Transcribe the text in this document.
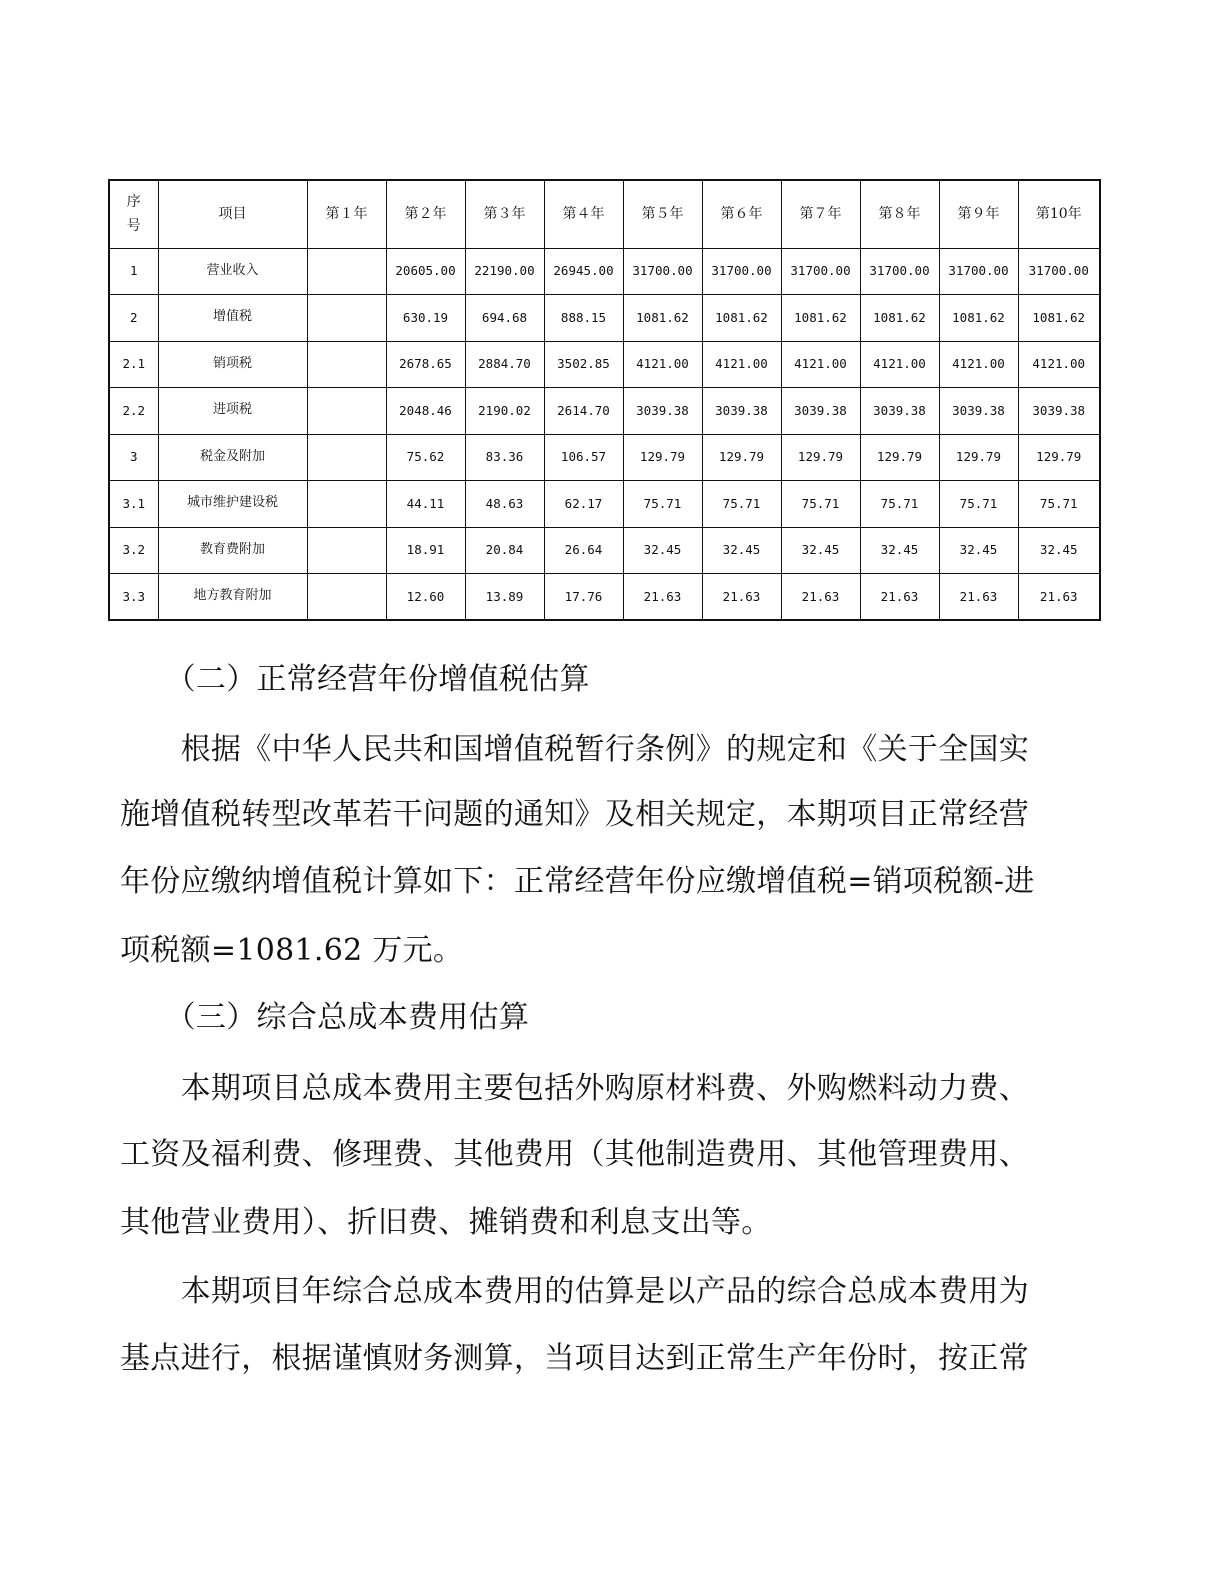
序号	项目	第１年	第２年	第３年	第４年	第５年	第６年	第７年	第８年	第９年	第10年
1	营业收入		20605.00	22190.00	26945.00	31700.00	31700.00	31700.00	31700.00	31700.00	31700.00
2	增值税		630.19	694.68	888.15	1081.62	1081.62	1081.62	1081.62	1081.62	1081.62
2.1	销项税		2678.65	2884.70	3502.85	4121.00	4121.00	4121.00	4121.00	4121.00	4121.00
2.2	进项税		2048.46	2190.02	2614.70	3039.38	3039.38	3039.38	3039.38	3039.38	3039.38
3	税金及附加		75.62	83.36	106.57	129.79	129.79	129.79	129.79	129.79	129.79
3.1	城市维护建设税		44.11	48.63	62.17	75.71	75.71	75.71	75.71	75.71	75.71
3.2	教育费附加		18.91	20.84	26.64	32.45	32.45	32.45	32.45	32.45	32.45
3.3	地方教育附加		12.60	13.89	17.76	21.63	21.63	21.63	21.63	21.63	21.63

　　（二）正常经营年份增值税估算

　　根据《中华人民共和国增值税暂行条例》的规定和《关于全国实

施增值税转型改革若干问题的通知》及相关规定，本期项目正常经营

年份应缴纳增值税计算如下：正常经营年份应缴增值税=销项税额-进

项税额=1081.62 万元。

　　（三）综合总成本费用估算

　　本期项目总成本费用主要包括外购原材料费、外购燃料动力费、

工资及福利费、修理费、其他费用（其他制造费用、其他管理费用、

其他营业费用）、折旧费、摊销费和利息支出等。

　　本期项目年综合总成本费用的估算是以产品的综合总成本费用为

基点进行，根据谨慎财务测算，当项目达到正常生产年份时，按正常
